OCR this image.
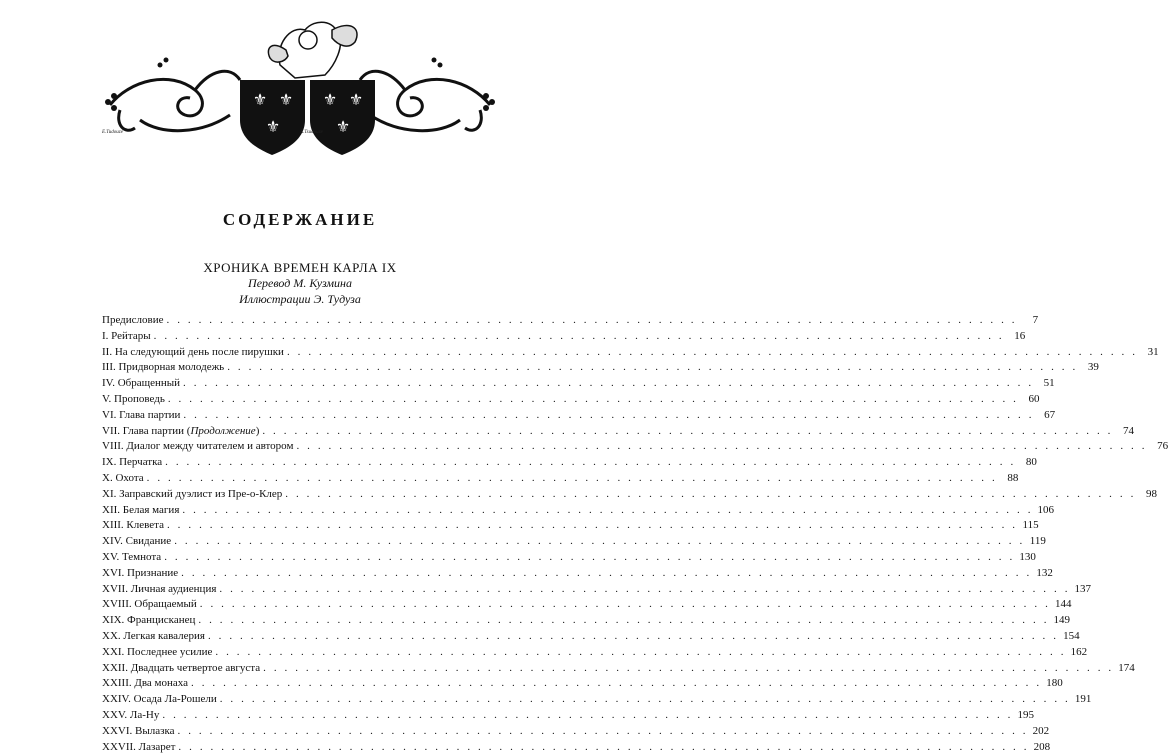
⚜ ⚜
⚜
⚜ ⚜
⚜
E.Tudouze	A.Tsudouze
СОДЕРЖАНИЕ
ХРОНИКА ВРЕМЕН КАРЛА IX
Перевод М. Кузмина
Иллюстрации Э. Тудуза
Предисловие . . . . . . . . . . . . . . . . . . . . . . . . . . . . . . . . . . . . . . . . . . . . . . . . . . . . . . . . . . . . . . . . . . . . . . . . . . . . . . . .	7
I. Рейтары . . . . . . . . . . . . . . . . . . . . . . . . . . . . . . . . . . . . . . . . . . . . . . . . . . . . . . . . . . . . . . . . . . . . . . . . . . . . . . . . 16
II. На следующий день после пирушки . . . . . . . . . . . . . . . . . . . . . . . . . . . . . . . . . . . . . . . . . . . . . . . . . . . . . . . . . . . . . . . . . . . . . . . . . . . . . . . . 31
III. Придворная молодежь . . . . . . . . . . . . . . . . . . . . . . . . . . . . . . . . . . . . . . . . . . . . . . . . . . . . . . . . . . . . . . . . . . . . . . . . . . . . . . . . 39
IV. Обращенный . . . . . . . . . . . . . . . . . . . . . . . . . . . . . . . . . . . . . . . . . . . . . . . . . . . . . . . . . . . . . . . . . . . . . . . . . . . . . . . . 51
V. Проповедь . . . . . . . . . . . . . . . . . . . . . . . . . . . . . . . . . . . . . . . . . . . . . . . . . . . . . . . . . . . . . . . . . . . . . . . . . . . . . . . . 60
VI. Глава партии . . . . . . . . . . . . . . . . . . . . . . . . . . . . . . . . . . . . . . . . . . . . . . . . . . . . . . . . . . . . . . . . . . . . . . . . . . . . . . . . 67
VII. Глава партии (Продолжение) . . . . . . . . . . . . . . . . . . . . . . . . . . . . . . . . . . . . . . . . . . . . . . . . . . . . . . . . . . . . . . . . . . . . . . . . . . . . . . . . 74
VIII. Диалог между читателем и автором . . . . . . . . . . . . . . . . . . . . . . . . . . . . . . . . . . . . . . . . . . . . . . . . . . . . . . . . . . . . . . . . . . . . . . . . . . . . . . . . 76
IX. Перчатка . . . . . . . . . . . . . . . . . . . . . . . . . . . . . . . . . . . . . . . . . . . . . . . . . . . . . . . . . . . . . . . . . . . . . . . . . . . . . . . . 80
X. Охота . . . . . . . . . . . . . . . . . . . . . . . . . . . . . . . . . . . . . . . . . . . . . . . . . . . . . . . . . . . . . . . . . . . . . . . . . . . . . . . . 88
XI. Заправский дуэлист из Пре-о-Клер . . . . . . . . . . . . . . . . . . . . . . . . . . . . . . . . . . . . . . . . . . . . . . . . . . . . . . . . . . . . . . . . . . . . . . . . . . . . . . . . 98
XII. Белая магия . . . . . . . . . . . . . . . . . . . . . . . . . . . . . . . . . . . . . . . . . . . . . . . . . . . . . . . . . . . . . . . . . . . . . . . . . . . . . . . . 106
XIII. Клевета . . . . . . . . . . . . . . . . . . . . . . . . . . . . . . . . . . . . . . . . . . . . . . . . . . . . . . . . . . . . . . . . . . . . . . . . . . . . . . . . 115
XIV. Свидание . . . . . . . . . . . . . . . . . . . . . . . . . . . . . . . . . . . . . . . . . . . . . . . . . . . . . . . . . . . . . . . . . . . . . . . . . . . . . . . . 119
XV. Темнота . . . . . . . . . . . . . . . . . . . . . . . . . . . . . . . . . . . . . . . . . . . . . . . . . . . . . . . . . . . . . . . . . . . . . . . . . . . . . . . . 130
XVI. Признание . . . . . . . . . . . . . . . . . . . . . . . . . . . . . . . . . . . . . . . . . . . . . . . . . . . . . . . . . . . . . . . . . . . . . . . . . . . . . . . . 132
XVII. Личная аудиенция . . . . . . . . . . . . . . . . . . . . . . . . . . . . . . . . . . . . . . . . . . . . . . . . . . . . . . . . . . . . . . . . . . . . . . . . . . . . . . . . 137
XVIII. Обращаемый . . . . . . . . . . . . . . . . . . . . . . . . . . . . . . . . . . . . . . . . . . . . . . . . . . . . . . . . . . . . . . . . . . . . . . . . . . . . . . . . 144
XIX. Францисканец . . . . . . . . . . . . . . . . . . . . . . . . . . . . . . . . . . . . . . . . . . . . . . . . . . . . . . . . . . . . . . . . . . . . . . . . . . . . . . . . 149
XX. Легкая кавалерия . . . . . . . . . . . . . . . . . . . . . . . . . . . . . . . . . . . . . . . . . . . . . . . . . . . . . . . . . . . . . . . . . . . . . . . . . . . . . . . . 154
XXI. Последнее усилие . . . . . . . . . . . . . . . . . . . . . . . . . . . . . . . . . . . . . . . . . . . . . . . . . . . . . . . . . . . . . . . . . . . . . . . . . . . . . . . . 162
XXII. Двадцать четвертое августа . . . . . . . . . . . . . . . . . . . . . . . . . . . . . . . . . . . . . . . . . . . . . . . . . . . . . . . . . . . . . . . . . . . . . . . . . . . . . . . . 174
XXIII. Два монаха . . . . . . . . . . . . . . . . . . . . . . . . . . . . . . . . . . . . . . . . . . . . . . . . . . . . . . . . . . . . . . . . . . . . . . . . . . . . . . . . 180
XXIV. Осада Ла-Рошели . . . . . . . . . . . . . . . . . . . . . . . . . . . . . . . . . . . . . . . . . . . . . . . . . . . . . . . . . . . . . . . . . . . . . . . . . . . . . . . . 191
XXV. Ла-Ну . . . . . . . . . . . . . . . . . . . . . . . . . . . . . . . . . . . . . . . . . . . . . . . . . . . . . . . . . . . . . . . . . . . . . . . . . . . . . . . . 195
XXVI. Вылазка . . . . . . . . . . . . . . . . . . . . . . . . . . . . . . . . . . . . . . . . . . . . . . . . . . . . . . . . . . . . . . . . . . . . . . . . . . . . . . . . 202
XXVII. Лазарет . . . . . . . . . . . . . . . . . . . . . . . . . . . . . . . . . . . . . . . . . . . . . . . . . . . . . . . . . . . . . . . . . . . . . . . . . . . . . . . . 208
